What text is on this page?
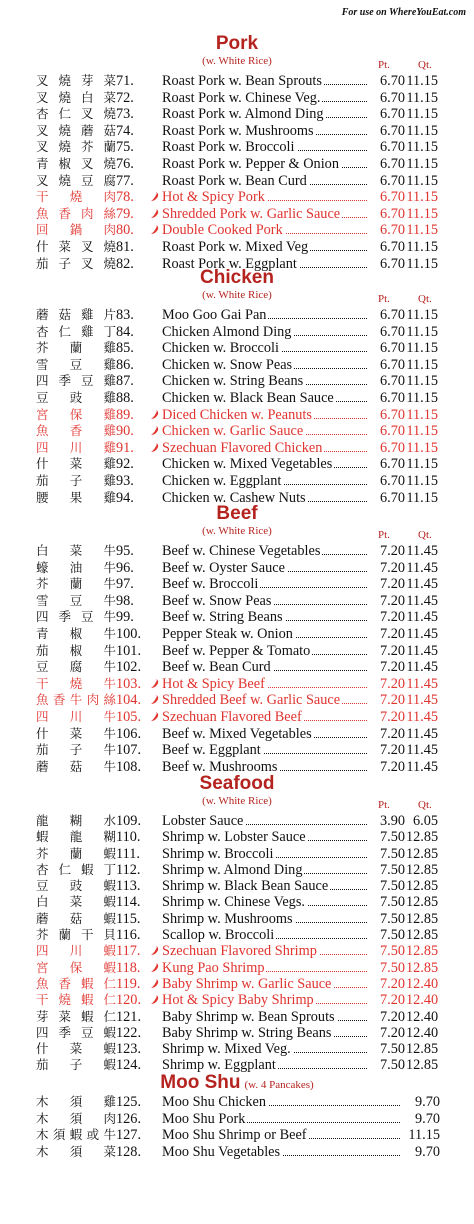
For use on WhereYouEat.com
Pork
(w. White Rice)	Pt.	Qt.
叉燒芽菜 71.	Roast Pork w. Bean Sprouts	6.70 11.15
叉燒白菜 72.	Roast Pork w. Chinese Veg.	6.70 11.15
杏仁叉燒 73.	Roast Pork w. Almond Ding	6.70 11.15
叉燒蘑菇 74.	Roast Pork w. Mushrooms	6.70 11.15
叉燒芥蘭 75.	Roast Pork w. Broccoli	6.70 11.15
青椒叉燒 76.	Roast Pork w. Pepper & Onion	6.70 11.15
叉燒豆腐 77.	Roast Pork w. Bean Curd	6.70 11.15
干燒肉 78.	Hot & Spicy Pork	6.70 11.15
魚香肉絲 79.	Shredded Pork w. Garlic Sauce	6.70 11.15
回鍋肉 80.	Double Cooked Pork	6.70 11.15
什菜叉燒 81.	Roast Pork w. Mixed Veg	6.70 11.15
茄子叉燒 82.	Roast Pork w. Eggplant	6.70 11.15
Chicken
(w. White Rice)	Pt.	Qt.
蘑菇雞片 83.	Moo Goo Gai Pan	6.70 11.15
杏仁雞丁 84.	Chicken Almond Ding	6.70 11.15
芥蘭雞 85.	Chicken w. Broccoli	6.70 11.15
雪豆雞 86.	Chicken w. Snow Peas	6.70 11.15
四季豆雞 87.	Chicken w. String Beans	6.70 11.15
豆豉雞 88.	Chicken w. Black Bean Sauce	6.70 11.15
宮保雞 89.	Diced Chicken w. Peanuts	6.70 11.15
魚香雞 90.	Chicken w. Garlic Sauce	6.70 11.15
四川雞 91.	Szechuan Flavored Chicken	6.70 11.15
什菜雞 92.	Chicken w. Mixed Vegetables	6.70 11.15
茄子雞 93.	Chicken w. Eggplant	6.70 11.15
腰果雞 94.	Chicken w. Cashew Nuts	6.70 11.15
Beef
(w. White Rice)	Pt.	Qt.
白菜牛 95.	Beef w. Chinese Vegetables	7.20 11.45
蠔油牛 96.	Beef w. Oyster Sauce	7.20 11.45
芥蘭牛 97.	Beef w. Broccoli	7.20 11.45
雪豆牛 98.	Beef w. Snow Peas	7.20 11.45
四季豆牛 99.	Beef w. String Beans	7.20 11.45
青椒牛 100.	Pepper Steak w. Onion	7.20 11.45
茄椒牛 101.	Beef w. Pepper & Tomato	7.20 11.45
豆腐牛 102.	Beef w. Bean Curd	7.20 11.45
干燒牛 103.	Hot & Spicy Beef	7.20 11.45
魚香牛肉絲 104.	Shredded Beef w. Garlic Sauce	7.20 11.45
四川牛 105.	Szechuan Flavored Beef	7.20 11.45
什菜牛 106.	Beef w. Mixed Vegetables	7.20 11.45
茄子牛 107.	Beef w. Eggplant	7.20 11.45
蘑菇牛 108.	Beef w. Mushrooms	7.20 11.45
Seafood
(w. White Rice)	Pt.	Qt.
龍糊水 109.	Lobster Sauce	3.90 6.05
蝦龍糊 110.	Shrimp w. Lobster Sauce	7.50 12.85
芥蘭蝦 111.	Shrimp w. Broccoli	7.50 12.85
杏仁蝦丁 112.	Shrimp w. Almond Ding	7.50 12.85
豆豉蝦 113.	Shrimp w. Black Bean Sauce	7.50 12.85
白菜蝦 114.	Shrimp w. Chinese Vegs.	7.50 12.85
蘑菇蝦 115.	Shrimp w. Mushrooms	7.50 12.85
芥蘭干貝 116.	Scallop w. Broccoli	7.50 12.85
四川蝦 117.	Szechuan Flavored Shrimp	7.50 12.85
宮保蝦 118.	Kung Pao Shrimp	7.50 12.85
魚香蝦仁 119.	Baby Shrimp w. Garlic Sauce	7.20 12.40
干燒蝦仁 120.	Hot & Spicy Baby Shrimp	7.20 12.40
芽菜蝦仁 121.	Baby Shrimp w. Bean Sprouts	7.20 12.40
四季豆蝦 122.	Baby Shrimp w. String Beans	7.20 12.40
什菜蝦 123.	Shrimp w. Mixed Veg.	7.50 12.85
茄子蝦 124.	Shrimp w. Eggplant	7.50 12.85
Moo Shu (w. 4 Pancakes)
木須雞 125.	Moo Shu Chicken	9.70
木須肉 126.	Moo Shu Pork	9.70
木須蝦或牛 127.	Moo Shu Shrimp or Beef	11.15
木須菜 128.	Moo Shu Vegetables	9.70
